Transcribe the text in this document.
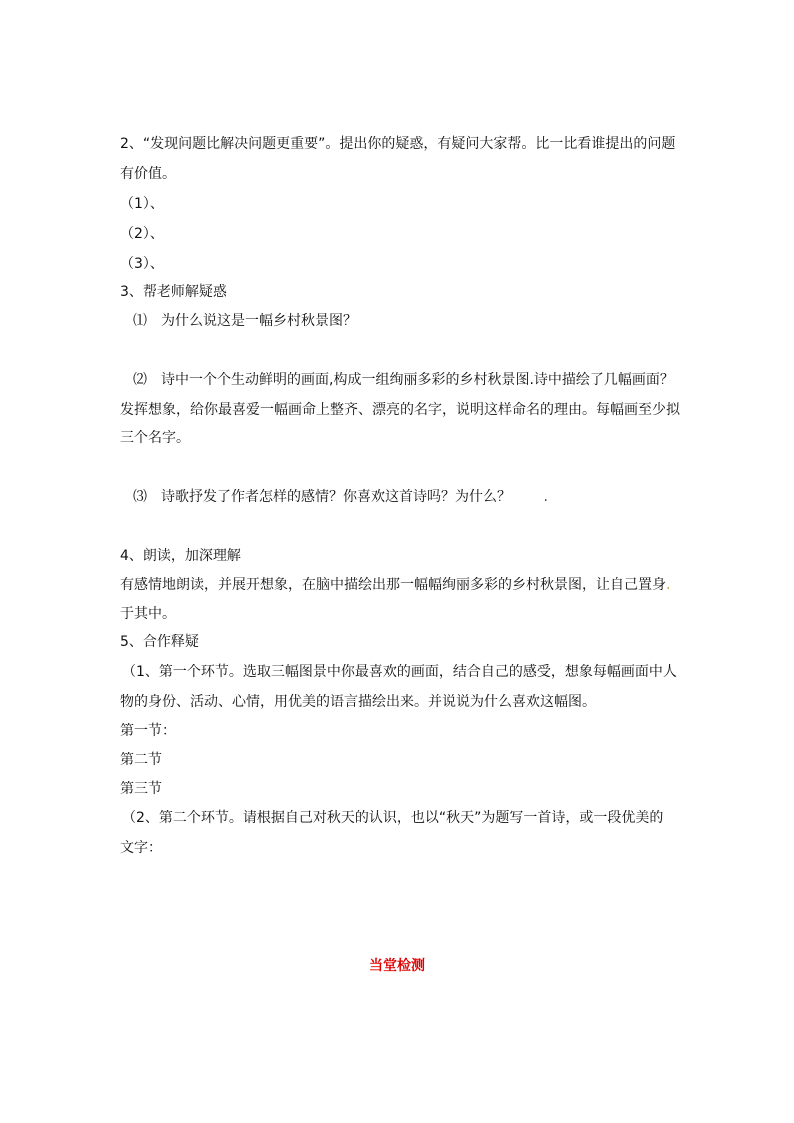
2、“发现问题比解决问题更重要”。提出你的疑惑，有疑问大家帮。比一比看谁提出的问题
有价值。
（1）、
（2）、
（3）、
3、帮老师解疑惑
⑴　为什么说这是一幅乡村秋景图？
⑵　诗中一个个生动鲜明的画面,构成一组绚丽多彩的乡村秋景图.诗中描绘了几幅画面？
发挥想象，给你最喜爱一幅画命上整齐、漂亮的名字，说明这样命名的理由。每幅画至少拟
三个名字。
⑶　诗歌抒发了作者怎样的感情？你喜欢这首诗吗？为什么？ .
4、朗读，加深理解
有感情地朗读，并展开想象，在脑中描绘出那一幅幅绚丽多彩的乡村秋景图，让自己置身.
于其中。
5、合作释疑
（1、第一个环节。选取三幅图景中你最喜欢的画面，结合自己的感受，想象每幅画面中人
物的身份、活动、心情，用优美的语言描绘出来。并说说为什么喜欢这幅图。
第一节：
第二节
第三节
（2、第二个环节。请根据自己对秋天的认识，也以“秋天”为题写一首诗，或一段优美的
文字：
当堂检测
